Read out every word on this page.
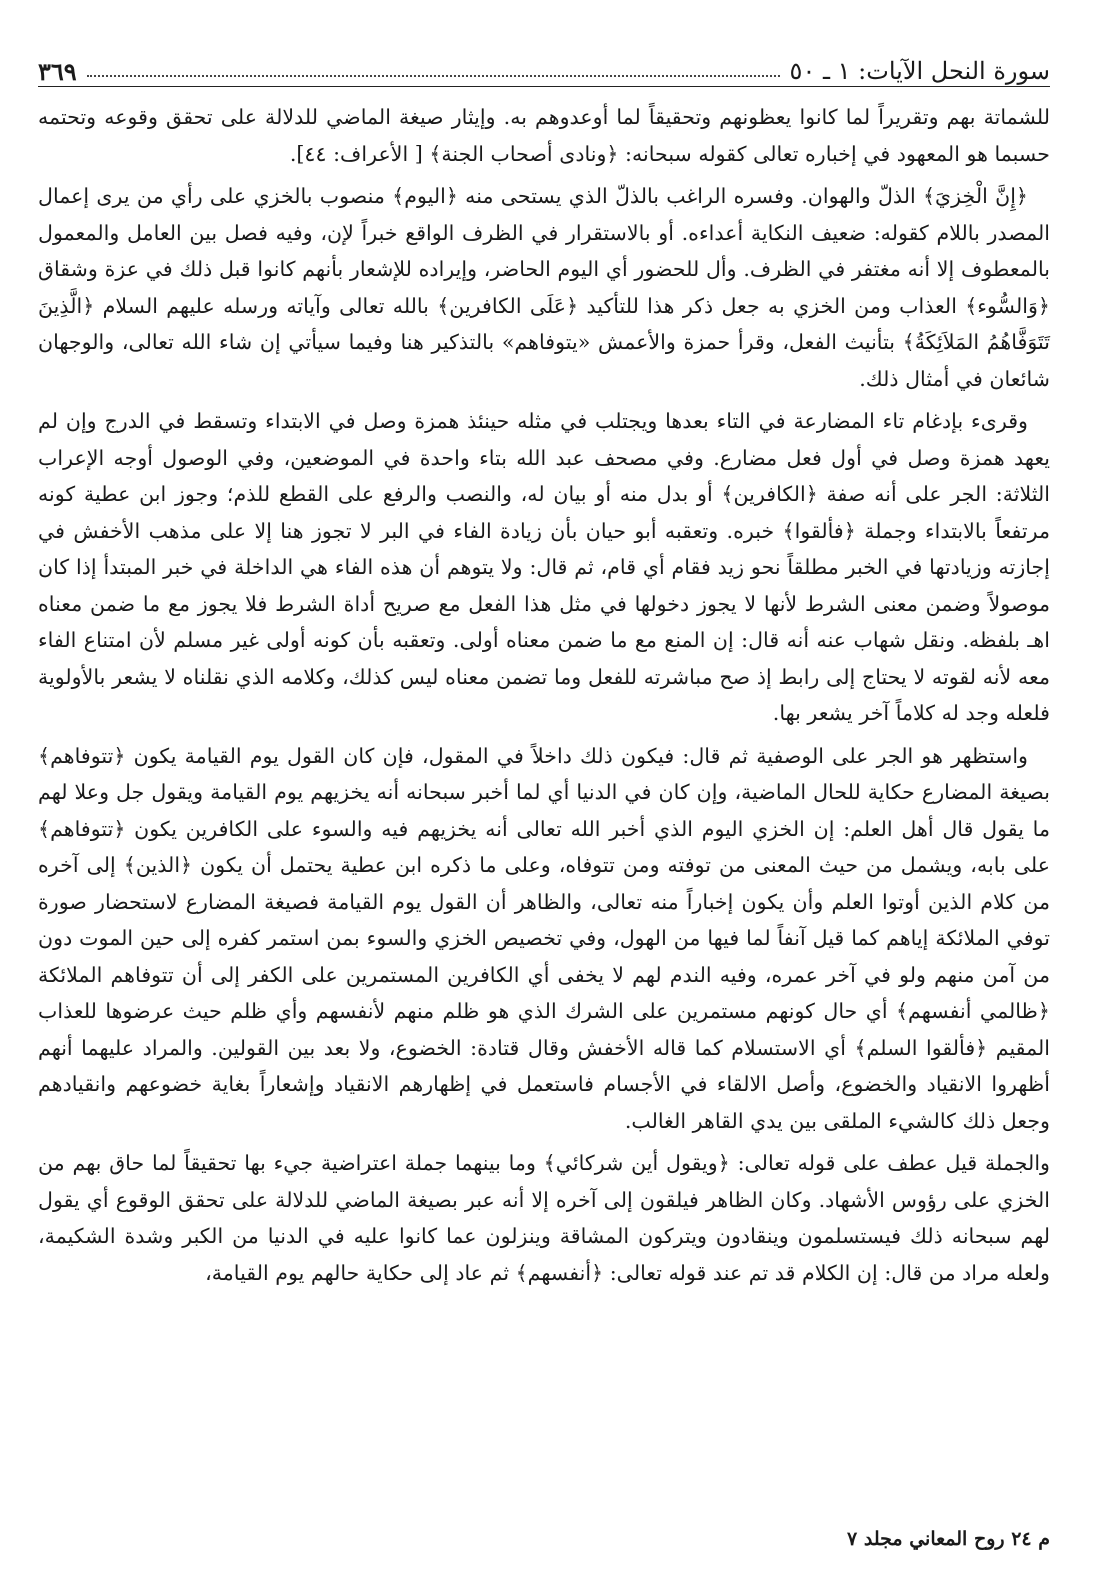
سورة النحل الآيات: ١ ـ ٥٠
٣٦٩

للشماتة بهم وتقريراً لما كانوا يعظونهم وتحقيقاً لما أوعدوهم به. وإيثار صيغة الماضي للدلالة على تحقق وقوعه وتحتمه حسبما هو المعهود في إخباره تعالى كقوله سبحانه: ﴿ونادى أصحاب الجنة﴾ [ الأعراف: ٤٤].

﴿إِنَّ الْخِزيَ﴾ الذلّ والهوان. وفسره الراغب بالذلّ الذي يستحى منه ﴿اليوم﴾ منصوب بالخزي على رأي من يرى إعمال المصدر باللام كقوله: ضعيف النكاية أعداءه. أو بالاستقرار في الظرف الواقع خبراً لإن، وفيه فصل بين العامل والمعمول بالمعطوف إلا أنه مغتفر في الظرف. وأل للحضور أي اليوم الحاضر، وإيراده للإشعار بأنهم كانوا قبل ذلك في عزة وشقاق ﴿وَالسُّوء﴾ العذاب ومن الخزي به جعل ذكر هذا للتأكيد ﴿عَلَى الكافرين﴾ بالله تعالى وآياته ورسله عليهم السلام ﴿الَّذِينَ تَتَوَفَّاهُمُ المَلاَئِكَةُ﴾ بتأنيث الفعل، وقرأ حمزة والأعمش «يتوفاهم» بالتذكير هنا وفيما سيأتي إن شاء الله تعالى، والوجهان شائعان في أمثال ذلك.

وقرىء بإدغام تاء المضارعة في التاء بعدها ويجتلب في مثله حينئذ همزة وصل في الابتداء وتسقط في الدرج وإن لم يعهد همزة وصل في أول فعل مضارع. وفي مصحف عبد الله بتاء واحدة في الموضعين، وفي الوصول أوجه الإعراب الثلاثة: الجر على أنه صفة ﴿الكافرين﴾ أو بدل منه أو بيان له، والنصب والرفع على القطع للذم؛ وجوز ابن عطية كونه مرتفعاً بالابتداء وجملة ﴿فألقوا﴾ خبره. وتعقبه أبو حيان بأن زيادة الفاء في البر لا تجوز هنا إلا على مذهب الأخفش في إجازته وزيادتها في الخبر مطلقاً نحو زيد فقام أي قام، ثم قال: ولا يتوهم أن هذه الفاء هي الداخلة في خبر المبتدأ إذا كان موصولاً وضمن معنى الشرط لأنها لا يجوز دخولها في مثل هذا الفعل مع صريح أداة الشرط فلا يجوز مع ما ضمن معناه اهـ بلفظه. ونقل شهاب عنه أنه قال: إن المنع مع ما ضمن معناه أولى. وتعقبه بأن كونه أولى غير مسلم لأن امتناع الفاء معه لأنه لقوته لا يحتاج إلى رابط إذ صح مباشرته للفعل وما تضمن معناه ليس كذلك، وكلامه الذي نقلناه لا يشعر بالأولوية فلعله وجد له كلاماً آخر يشعر بها.

واستظهر هو الجر على الوصفية ثم قال: فيكون ذلك داخلاً في المقول، فإن كان القول يوم القيامة يكون ﴿تتوفاهم﴾ بصيغة المضارع حكاية للحال الماضية، وإن كان في الدنيا أي لما أخبر سبحانه أنه يخزيهم يوم القيامة ويقول جل وعلا لهم ما يقول قال أهل العلم: إن الخزي اليوم الذي أخبر الله تعالى أنه يخزيهم فيه والسوء على الكافرين يكون ﴿تتوفاهم﴾ على بابه، ويشمل من حيث المعنى من توفته ومن تتوفاه، وعلى ما ذكره ابن عطية يحتمل أن يكون ﴿الذين﴾ إلى آخره من كلام الذين أوتوا العلم وأن يكون إخباراً منه تعالى، والظاهر أن القول يوم القيامة فصيغة المضارع لاستحضار صورة توفي الملائكة إياهم كما قيل آنفاً لما فيها من الهول، وفي تخصيص الخزي والسوء بمن استمر كفره إلى حين الموت دون من آمن منهم ولو في آخر عمره، وفيه الندم لهم لا يخفى أي الكافرين المستمرين على الكفر إلى أن تتوفاهم الملائكة ﴿ظالمي أنفسهم﴾ أي حال كونهم مستمرين على الشرك الذي هو ظلم منهم لأنفسهم وأي ظلم حيث عرضوها للعذاب المقيم ﴿فألقوا السلم﴾ أي الاستسلام كما قاله الأخفش وقال قتادة: الخضوع، ولا بعد بين القولين. والمراد عليهما أنهم أظهروا الانقياد والخضوع، وأصل الالقاء في الأجسام فاستعمل في إظهارهم الانقياد وإشعاراً بغاية خضوعهم وانقيادهم وجعل ذلك كالشيء الملقى بين يدي القاهر الغالب.

والجملة قيل عطف على قوله تعالى: ﴿ويقول أين شركائي﴾ وما بينهما جملة اعتراضية جيء بها تحقيقاً لما حاق بهم من الخزي على رؤوس الأشهاد. وكان الظاهر فيلقون إلى آخره إلا أنه عبر بصيغة الماضي للدلالة على تحقق الوقوع أي يقول لهم سبحانه ذلك فيستسلمون وينقادون ويتركون المشاقة وينزلون عما كانوا عليه في الدنيا من الكبر وشدة الشكيمة، ولعله مراد من قال: إن الكلام قد تم عند قوله تعالى: ﴿أنفسهم﴾ ثم عاد إلى حكاية حالهم يوم القيامة،

م ٢٤ روح المعاني مجلد ٧
